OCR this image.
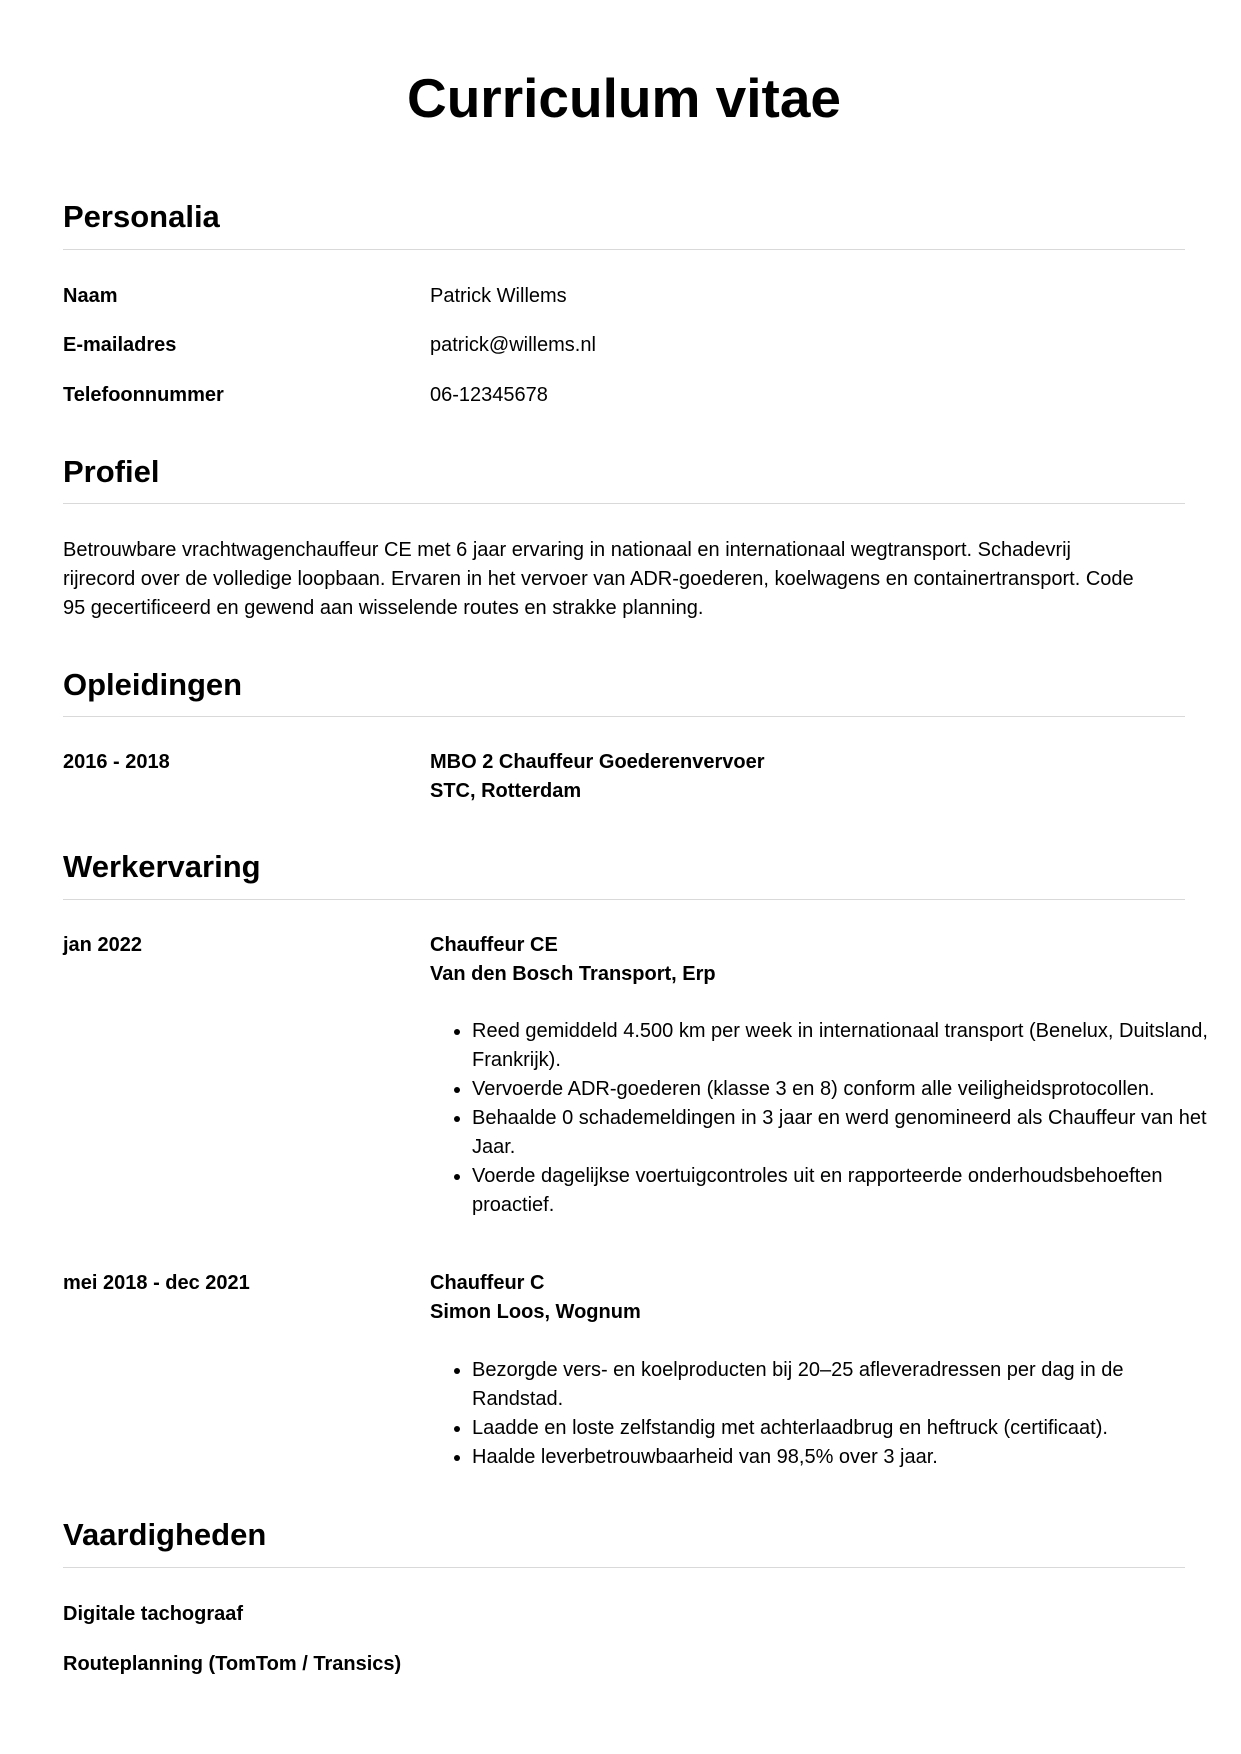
Curriculum vitae
Personalia
Naam	Patrick Willems
E-mailadres	patrick@willems.nl
Telefoonnummer	06-12345678
Profiel

Betrouwbare vrachtwagenchauffeur CE met 6 jaar ervaring in nationaal en internationaal wegtransport. Schadevrij rijrecord over de volledige loopbaan. Ervaren in het vervoer van ADR-goederen, koelwagens en containertransport. Code 95 gecertificeerd en gewend aan wisselende routes en strakke planning.

Opleidingen
2016 - 2018	MBO 2 Chauffeur Goederenvervoer
STC, Rotterdam
Werkervaring
jan 2022	Chauffeur CE
Van den Bosch Transport, Erp
• Reed gemiddeld 4.500 km per week in internationaal transport (Benelux, Duitsland, Frankrijk).
• Vervoerde ADR-goederen (klasse 3 en 8) conform alle veiligheidsprotocollen.
• Behaalde 0 schademeldingen in 3 jaar en werd genomineerd als Chauffeur van het Jaar.
• Voerde dagelijkse voertuigcontroles uit en rapporteerde onderhoudsbehoeften proactief.
mei 2018 - dec 2021	Chauffeur C
Simon Loos, Wognum
• Bezorgde vers- en koelproducten bij 20–25 afleveradressen per dag in de Randstad.
• Laadde en loste zelfstandig met achterlaadbrug en heftruck (certificaat).
• Haalde leverbetrouwbaarheid van 98,5% over 3 jaar.
Vaardigheden
Digitale tachograaf
Routeplanning (TomTom / Transics)
